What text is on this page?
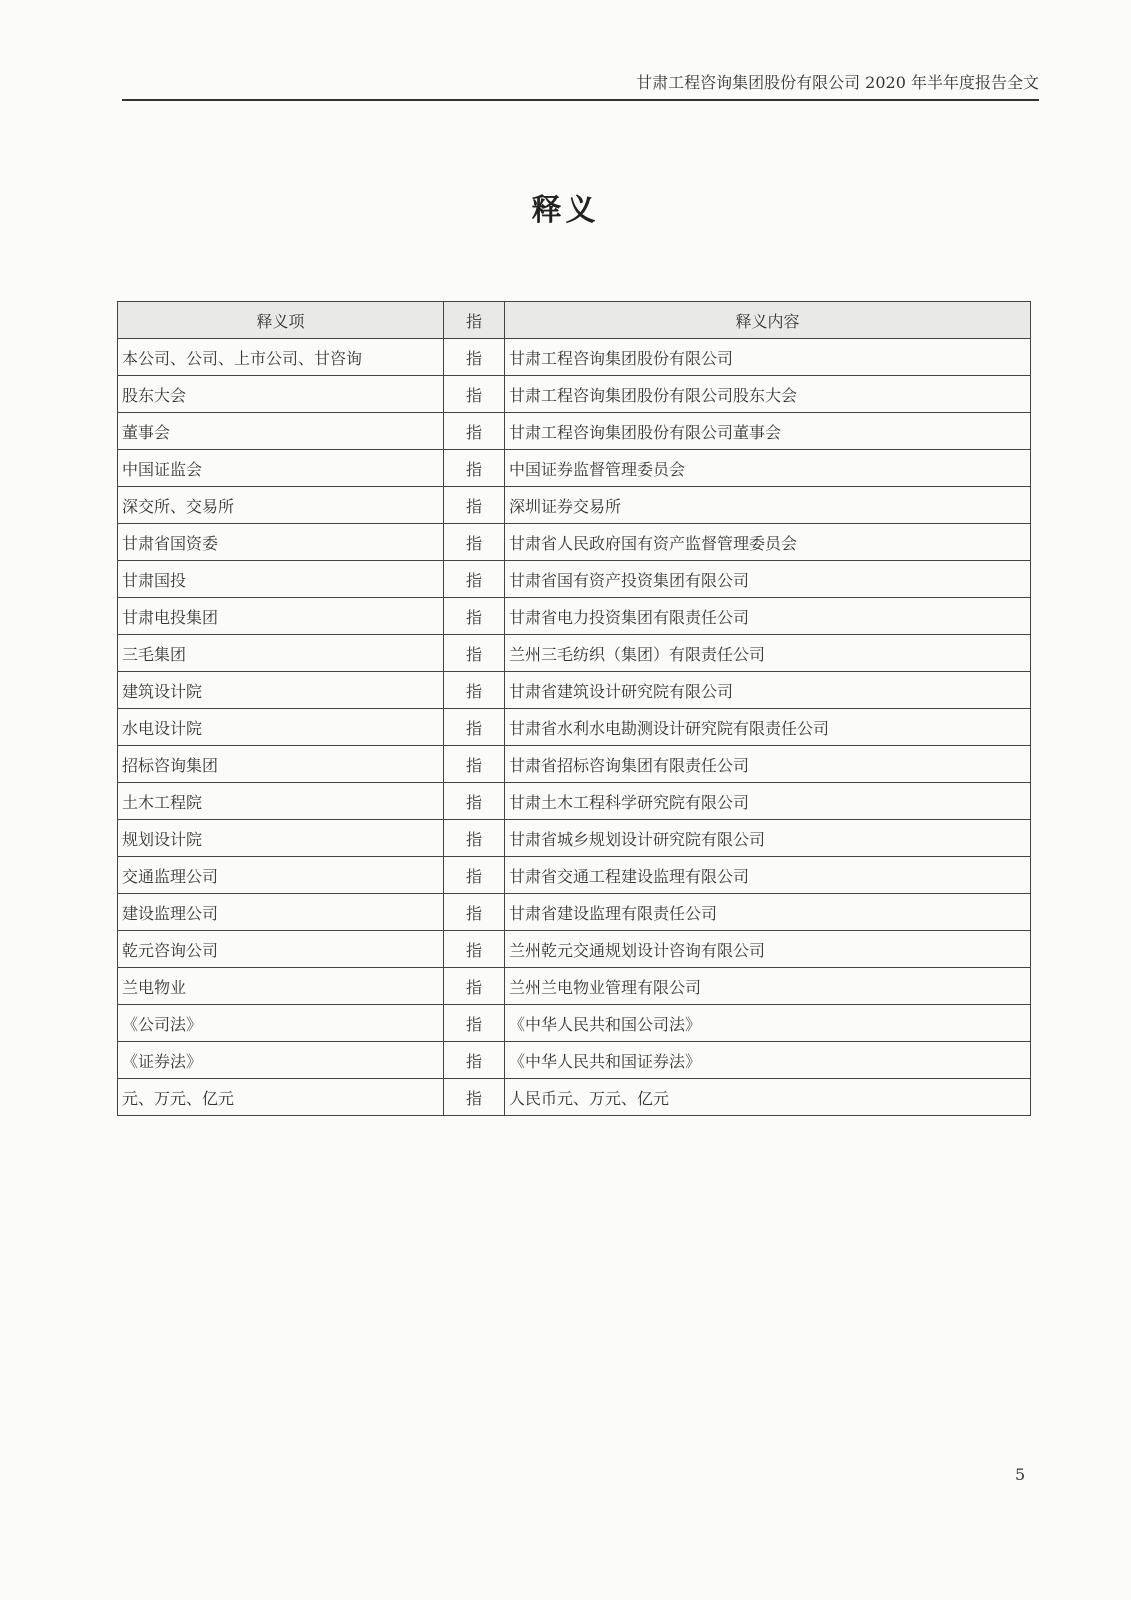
甘肃工程咨询集团股份有限公司 2020 年半年度报告全文
释义
释义项	指	释义内容
本公司、公司、上市公司、甘咨询	指	甘肃工程咨询集团股份有限公司
股东大会	指	甘肃工程咨询集团股份有限公司股东大会
董事会	指	甘肃工程咨询集团股份有限公司董事会
中国证监会	指	中国证券监督管理委员会
深交所、交易所	指	深圳证券交易所
甘肃省国资委	指	甘肃省人民政府国有资产监督管理委员会
甘肃国投	指	甘肃省国有资产投资集团有限公司
甘肃电投集团	指	甘肃省电力投资集团有限责任公司
三毛集团	指	兰州三毛纺织（集团）有限责任公司
建筑设计院	指	甘肃省建筑设计研究院有限公司
水电设计院	指	甘肃省水利水电勘测设计研究院有限责任公司
招标咨询集团	指	甘肃省招标咨询集团有限责任公司
土木工程院	指	甘肃土木工程科学研究院有限公司
规划设计院	指	甘肃省城乡规划设计研究院有限公司
交通监理公司	指	甘肃省交通工程建设监理有限公司
建设监理公司	指	甘肃省建设监理有限责任公司
乾元咨询公司	指	兰州乾元交通规划设计咨询有限公司
兰电物业	指	兰州兰电物业管理有限公司
《公司法》	指	《中华人民共和国公司法》
《证券法》	指	《中华人民共和国证券法》
元、万元、亿元	指	人民币元、万元、亿元
5
